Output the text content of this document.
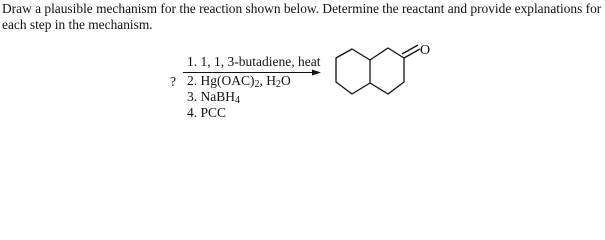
Draw a plausible mechanism for the reaction shown below. Determine the reactant and provide explanations for each step in the mechanism.
?
1. 1, 1, 3-butadiene, heat
2. $Hg(OAC)_2$, $H_2O$
3. NaBH$_4$
4. PCC
O
